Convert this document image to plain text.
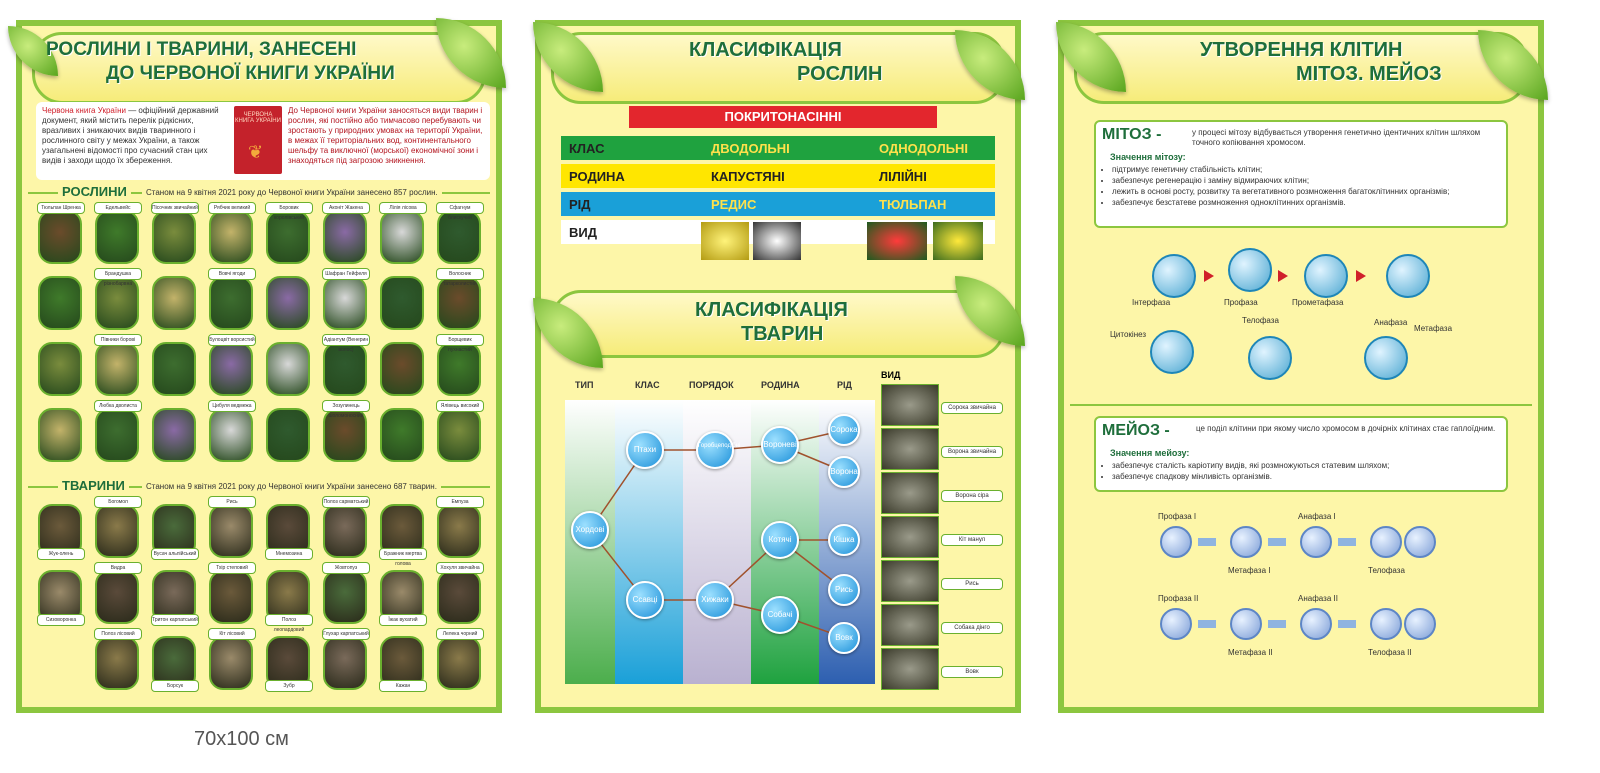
РОСЛИНИ І ТВАРИНИ, ЗАНЕСЕНІ
ДО ЧЕРВОНОЇ КНИГИ УКРАЇНИ
Червона книга України — офіційний державний документ, який містить перелік рідкісних, вразливих і зникаючих видів тваринного і рослинного світу у межах України, а також узагальнені відомості про сучасний стан цих видів і заходи щодо їх збереження.
ЧЕРВОНА КНИГА УКРАЇНИ
❦
До Червоної книги України заносяться види тварин і рослин, які постійно або тимчасово перебувають чи зростають у природних умовах на території України, в межах її територіальних вод, континентального шельфу та виключної (морської) економічної зони і знаходяться під загрозою зникнення.
РОСЛИНИ	Станом на 9 квітня 2021 року до Червоної книги України занесено 857 рослин.
Тюльпан Шренка	Едельвейс	Пісочник звичайний	Рябчик великий	Боровик королівський
Аконіт Жакена	Лілія лісова	Сфагнум блискучий
Брандушка різнобарвна
Вовчі ягоди	Шафран Гейфеля	Волосник татарколистий
Півники борові	Булоцвіт ворсистий	Адіантум (Венерин волос)
Борщевик пухнастий
Любка дволиста	Цибуля ведмежа	Зозулинець шоломоносний
Ялівець високий
ТВАРИНИ	Станом на 9 квітня 2021 року до Червоної книги України занесено 687 тварин.
Жук-олень
Богомол
Вусач альпійський
Рись
Мнемозина
Полоз сарматський
Бражник мертва голова
Емпуза
Сизоворонка
Видра
Тритон карпатський
Тхір степовий
Полоз леопардовий
Жовтопуз
Їжак вухатий
Хохуля звичайна
Полоз лісовий
Борсук
Кіт лісовий
Зубр
Глухар карпатський
Кажан
Лелека чорний
КЛАСИФІКАЦІЯ
РОСЛИН
ПОКРИТОНАСІННІ
КЛАС	ДВОДОЛЬНІ	ОДНОДОЛЬНІ
РОДИНА	КАПУСТЯНІ	ЛІЛІЙНІ
РІД	РЕДИС	ТЮЛЬПАН
ВИД
КЛАСИФІКАЦІЯ
ТВАРИН
ТИП	КЛАС	ПОРЯДОК	РОДИНА	РІД
Хордові
Птахи
Ссавці
Горобцеподібні
Хижаки
Вороневі
Котячі
Собачі
Сорока
Ворона
Кішка
Рись
Вовк
ВИД
Сорока звичайна
Ворона звичайна
Ворона сіра
Кіт манул
Рись
Собака дінго
Вовк
УТВОРЕННЯ КЛІТИН
МІТОЗ. МЕЙОЗ
МІТОЗ -	у процесі мітозу відбувається утворення генетично ідентичних клітин шляхом точного копіювання хромосом.
Значення мітозу:
• підтримує генетичну стабільність клітин;
• забезпечує регенерацію і заміну відмираючих клітин;
• лежить в основі росту, розвитку та вегетативного розмноження багатоклітинних організмів;
• забезпечує безстатеве розмноження одноклітинних організмів.
Інтерфаза	Профаза	Прометафаза
Метафаза
Анафаза
Телофаза
Цитокінез
МЕЙОЗ -	це поділ клітини при якому число хромосом в дочірніх клітинах стає гаплоїдним.
Значення мейозу:
• забезпечує сталість каріотипу видів, які розмножуються статевим шляхом;
• забезпечує спадкову мінливість організмів.
Профаза І
Метафаза І
Анафаза І
Телофаза
Профаза ІІ
Метафаза ІІ
Анафаза ІІ
Телофаза ІІ
70х100 см
